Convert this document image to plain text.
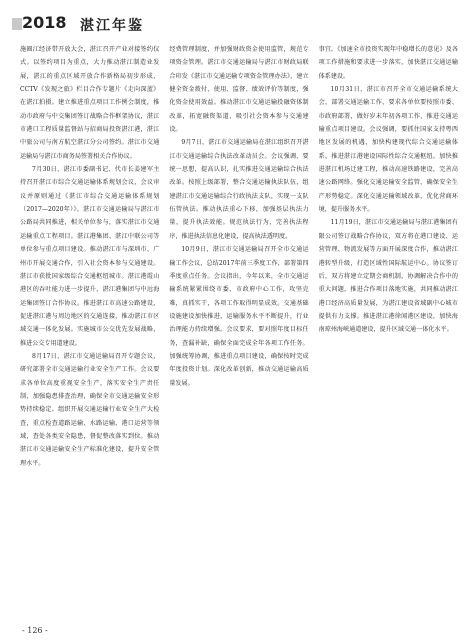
2018 湛江年鉴

施圈江经济带开放大会，湛江召开产业对接签约仪式。以签约项目为重点，大力推动湛江制造业发展，湛江的重点区域开放合作新格局初步形成，CCTV《发现之旅》栏目合作专题片《走向深蓝》在湛江拍摄。建立推进重点项目工作例会制度，推动市政府与中交集团签订战略合作框架协议，湛江市港口工程质量监督站与招商局投资湛江港，湛江中旅公司与南方航空湛江分公司签约。湛江市交通运输局与湛江市商务局签署相关合作协议。

7月30日，湛江市委副书记、代市长姜建军主持召开湛江市综合交通运输体系规划会议，会议审议并原则通过《湛江市综合交通运输体系规划（2017—2020年）》。湛江市交通运输局与湛江市公路局共同推进，相关单位参与，落实湛江市交通运输重点工程项目。湛江港集团、湛江中联公司等单位参与重点项目建设。推动湛江市与深圳市、广州市开展交通合作，引入社会资本参与交通建设。湛江市获批国家级综合交通枢纽城市。湛江港霞山港区的吞吐能力进一步提升，湛江港集团与中远海运集团签订合作协议。推进湛江市高速公路建设，促进湛江港与周边地区的交通连接，推动湛江市区域交通一体化发展。实施城市公交优先发展战略，推进公交专用道建设。

8月17日，湛江市交通运输局召开专题会议，研究部署全市交通运输行业安全生产工作。会议要求各单位高度重视安全生产，落实安全生产责任制，加强隐患排查治理，确保全市交通运输安全形势持续稳定。组织开展交通运输行业安全生产大检查，重点检查道路运输、水路运输、港口运营等领域，查处各类安全隐患，督促整改落实到位。推动湛江市交通运输安全生产标准化建设，提升安全管理水平。

经费管理制度，并加强财政资金使用监管，规范专项资金管理。湛江市交通运输局与湛江市财政局联合印发《湛江市交通运输专项资金管理办法》，建立健全资金拨付、使用、监督、绩效评价等制度，强化资金使用效益。推动湛江市交通运输投融资体制改革，拓宽融资渠道，吸引社会资本参与交通建设。

9月7日，湛江市交通运输局在湛江组织召开湛江市交通运输综合执法改革动员会。会议强调，要统一思想，提高认识，扎实推进交通运输综合执法改革。按照上级部署，整合交通运输执法队伍，组建湛江市交通运输综合行政执法支队，实现一支队伍管执法。推动执法重心下移，加强基层执法力量，提升执法效能。规范执法行为，完善执法程序，推进执法信息化建设，提高执法透明度。

10月9日，湛江市交通运输局召开全市交通运输工作会议，总结2017年前三季度工作，部署第四季度重点任务。会议指出，今年以来，全市交通运输系统紧紧围绕市委、市政府中心工作，攻坚克难，真抓实干，各项工作取得明显成效。交通基础设施建设加快推进，运输服务水平不断提升，行业治理能力持续增强。会议要求，要对照年度目标任务，查漏补缺，确保全面完成全年各项工作任务。加强统筹协调，推进重点项目建设，确保按时完成年度投资计划。深化改革创新，推动交通运输高质量发展。

事宜。《加速全市投资实现年中稳增长的意见》及各项工作措施和要求进一步落实，加快湛江交通运输体系建设。

10月31日，湛江市召开全市交通运输系统大会，部署交通运输工作，要求各单位要按照市委、市政府部署，做好岁末年初各项工作，推进交通运输重点项目建设。会议强调，要抓住国家支持粤西地区发展的机遇，加快构建现代综合交通运输体系，推进湛江港建设国际性综合交通枢纽。加快推进湛江机场迁建工程，推动高速铁路建设，完善高速公路网络。强化交通运输安全监管，确保安全生产形势稳定。深化交通运输领域改革，优化营商环境，提升服务水平。

11月19日，湛江市交通运输局与湛江港集团有限公司签订战略合作协议，双方将在港口建设、运营管理、物流发展等方面开展深度合作，推动湛江港转型升级，打造区域性国际航运中心。协议签订后，双方将建立定期会商机制，协调解决合作中的重大问题，推进合作项目落地实施，共同推动湛江港口经济高质量发展，为湛江建设省域副中心城市提供有力支撑。推进湛江港徐闻港区建设，加快海南琼州海峡通道建设，提升区域交通一体化水平。

- 126 -
